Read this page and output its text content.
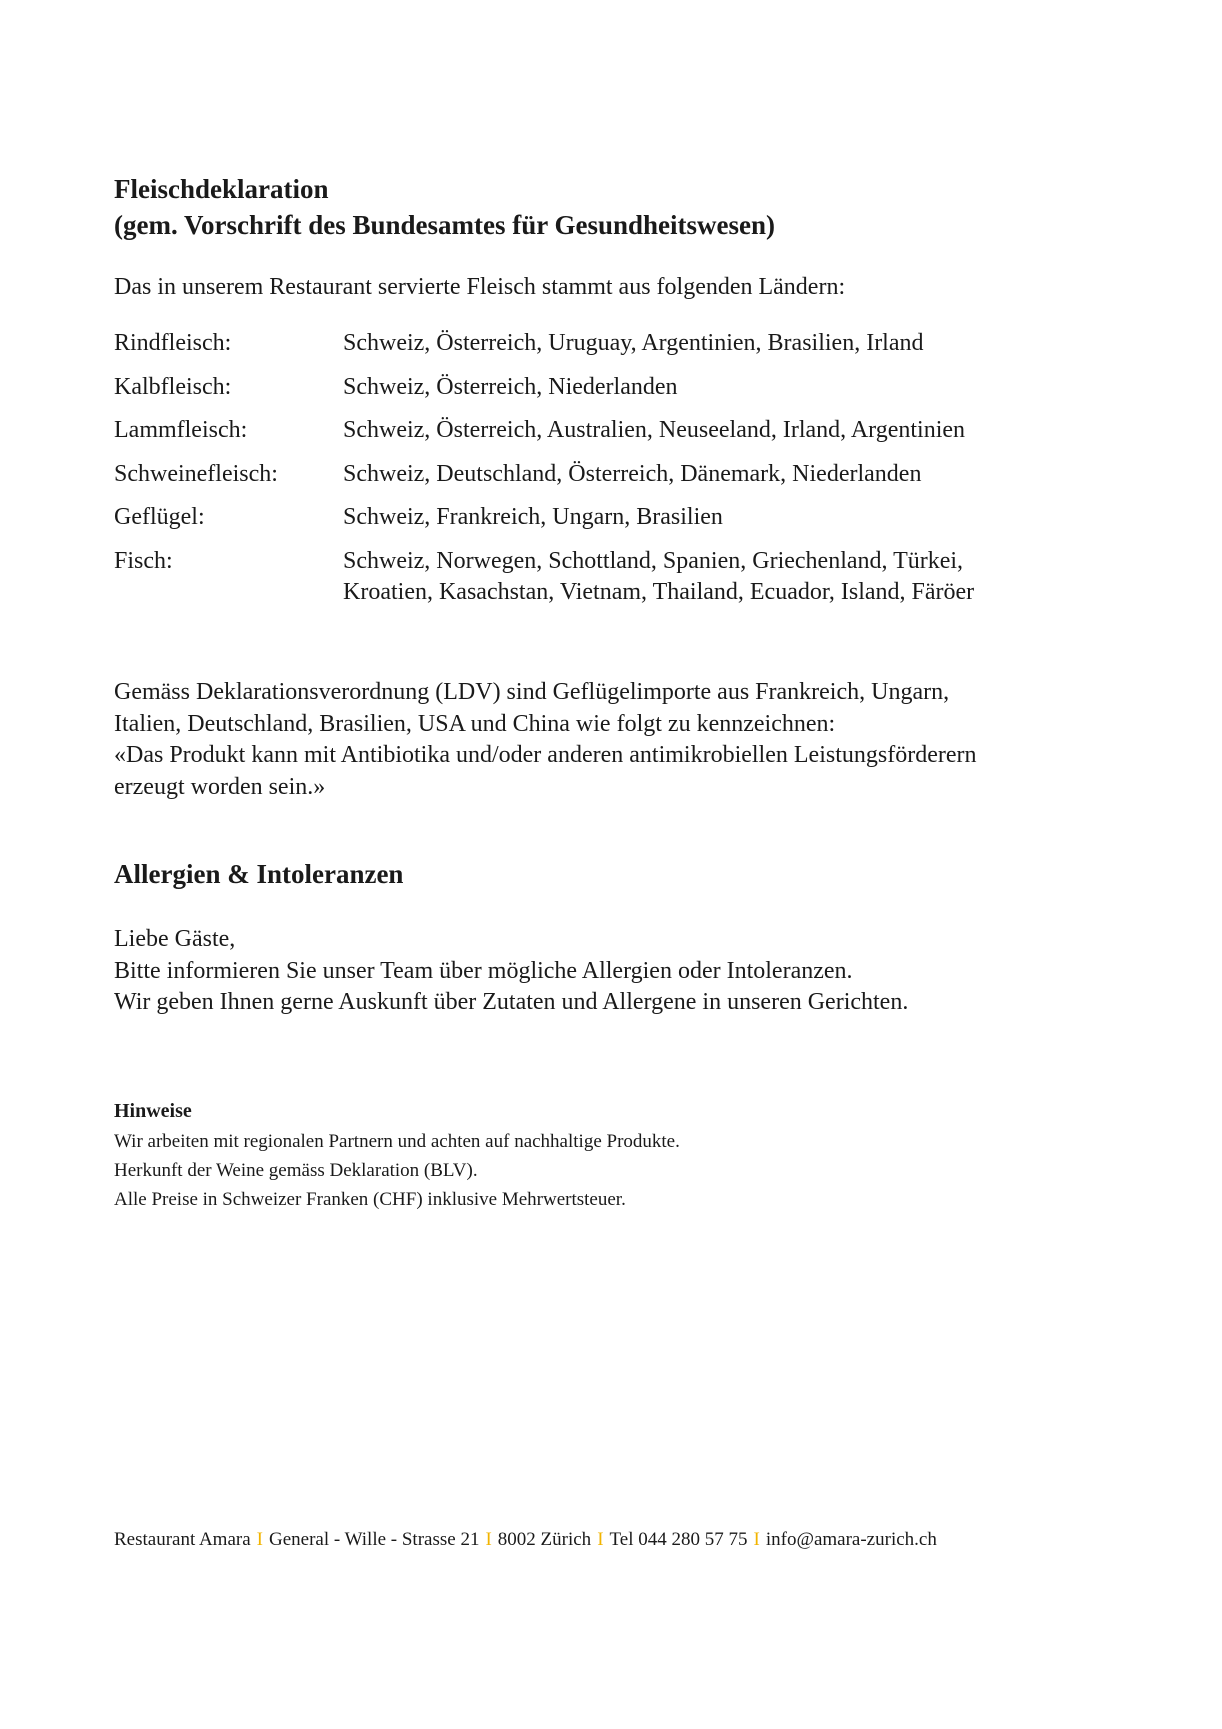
Fleischdeklaration
(gem. Vorschrift des Bundesamtes für Gesundheitswesen)

Das in unserem Restaurant servierte Fleisch stammt aus folgenden Ländern:

Rindfleisch:	Schweiz, Österreich, Uruguay, Argentinien, Brasilien, Irland
Kalbfleisch:	Schweiz, Österreich, Niederlanden
Lammfleisch:	Schweiz, Österreich, Australien, Neuseeland, Irland, Argentinien
Schweinefleisch:	Schweiz, Deutschland, Österreich, Dänemark, Niederlanden
Geflügel:	Schweiz, Frankreich, Ungarn, Brasilien
Fisch:	Schweiz, Norwegen, Schottland, Spanien, Griechenland, Türkei,
Kroatien, Kasachstan, Vietnam, Thailand, Ecuador, Island, Färöer

Gemäss Deklarationsverordnung (LDV) sind Geflügelimporte aus Frankreich, Ungarn,
Italien, Deutschland, Brasilien, USA und China wie folgt zu kennzeichnen:
«Das Produkt kann mit Antibiotika und/oder anderen antimikrobiellen Leistungsförderern
erzeugt worden sein.»

Allergien & Intoleranzen

Liebe Gäste,
Bitte informieren Sie unser Team über mögliche Allergien oder Intoleranzen.
Wir geben Ihnen gerne Auskunft über Zutaten und Allergene in unseren Gerichten.

Hinweise

Wir arbeiten mit regionalen Partnern und achten auf nachhaltige Produkte.
Herkunft der Weine gemäss Deklaration (BLV).
Alle Preise in Schweizer Franken (CHF) inklusive Mehrwertsteuer.

Restaurant Amara I General - Wille - Strasse 21 I 8002 Zürich I Tel 044 280 57 75 I info@amara-zurich.ch
